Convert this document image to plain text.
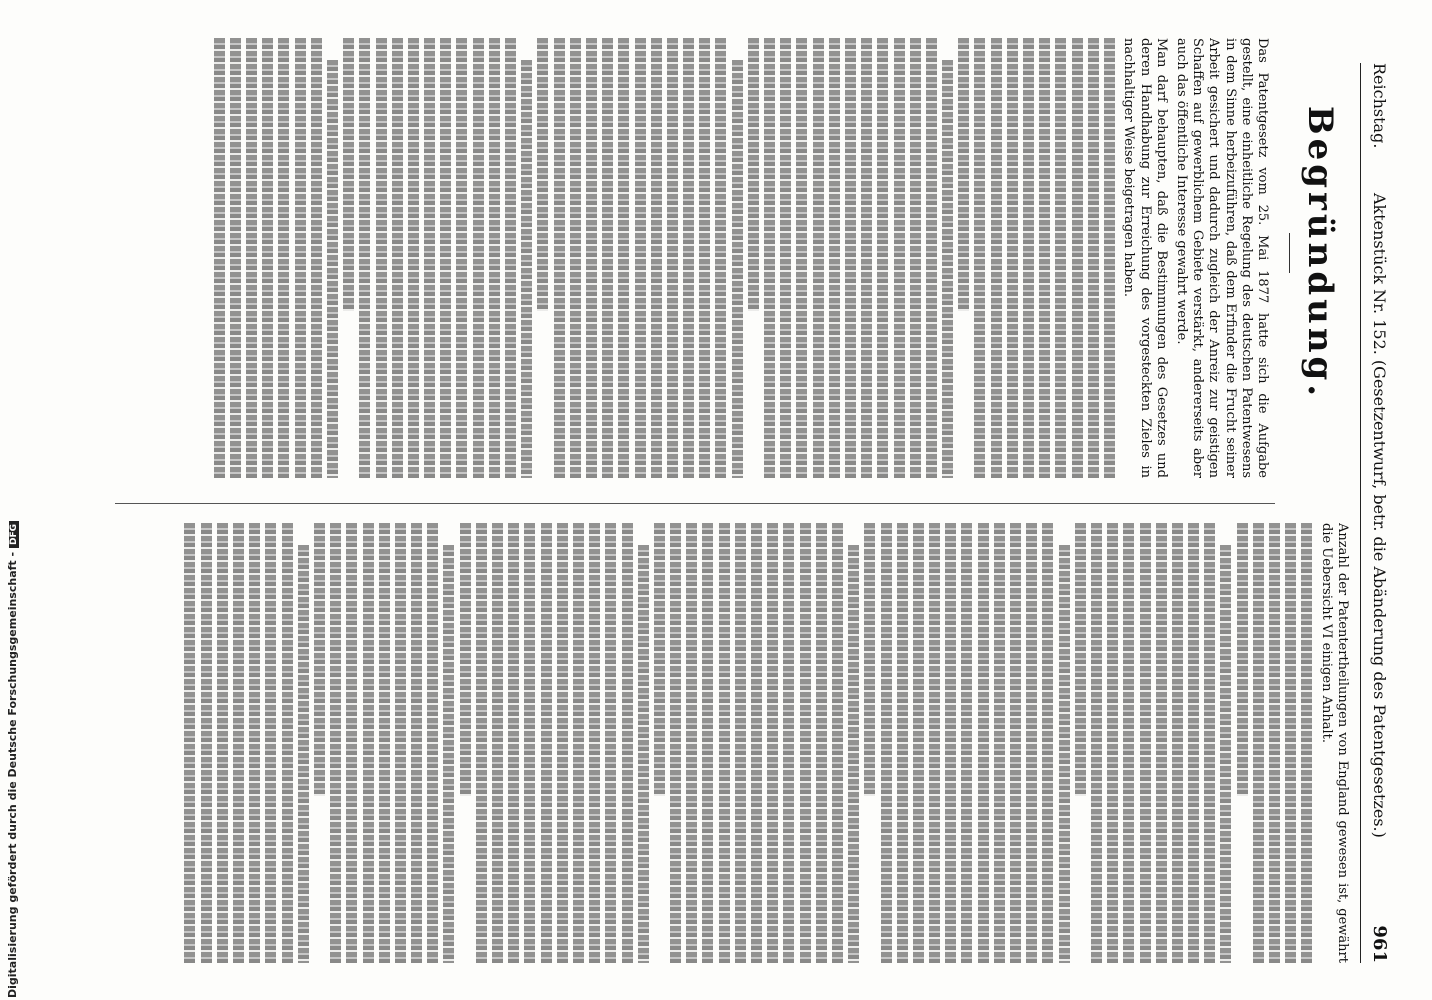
Reichstag.
Aktenstück Nr. 152. (Gesetzentwurf, betr. die Abänderung des Patentgesetzes.)
961
Begründung.

Das Patentgesetz vom 25. Mai 1877 hatte sich die Aufgabe gestellt, eine einheitliche Regelung des deutschen Patentwesens in dem Sinne herbeizuführen, daß dem Erfinder die Frucht seiner Arbeit gesichert und dadurch zugleich der Anreiz zur geistigen Schaffen auf gewerblichem Gebiete verstärkt, andererseits aber auch das öffentliche Interesse gewahrt werde.

Man darf behaupten, daß die Bestimmungen des Gesetzes und deren Handhabung zur Erreichung des vorgesteckten Zieles in nachhaltiger Weise beigetragen haben.

Anzahl der Patentertheilungen von England gewesen ist, gewährt die Uebersicht VI einigen Anhalt.

Digitalisierung gefördert durch die Deutsche Forschungsgemeinschaft -DFG
